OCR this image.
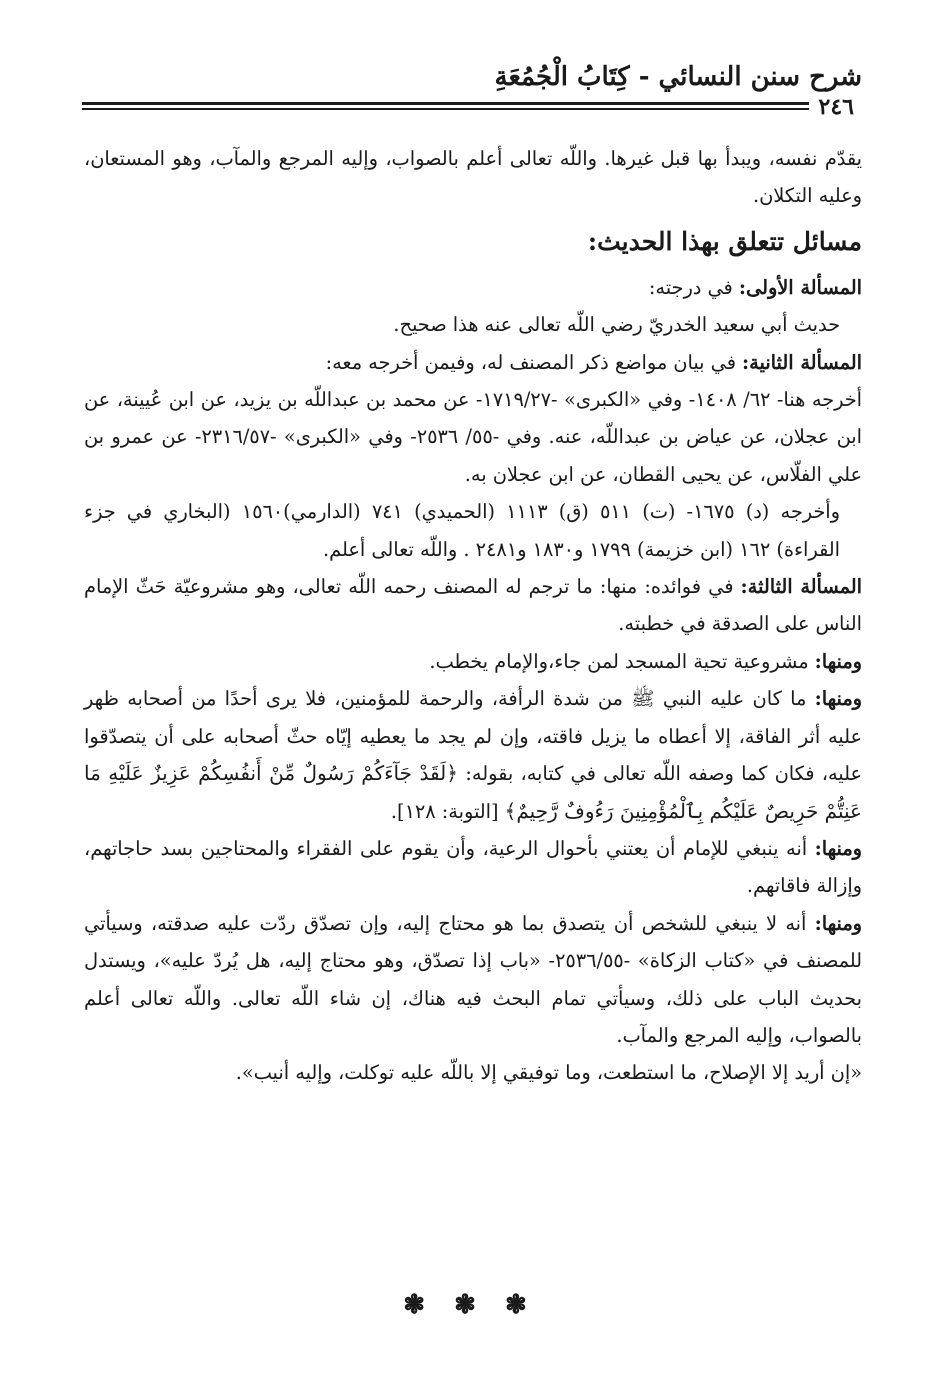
شرح سنن النسائي - كِتَابُ الْجُمُعَةِ
٢٤٦

يقدّم نفسه، ويبدأ بها قبل غيرها. واللّه تعالى أعلم بالصواب، وإليه المرجع والمآب، وهو المستعان، وعليه التكلان.

مسائل تتعلق بهذا الحديث:

المسألة الأولى: في درجته:

حديث أبي سعيد الخدريّ رضي اللّه تعالى عنه هذا صحيح.

المسألة الثانية: في بيان مواضع ذكر المصنف له، وفيمن أخرجه معه:

أخرجه هنا- ٦٢/ ١٤٠٨- وفي «الكبرى» -١٧١٩/٢٧- عن محمد بن عبداللّه بن يزيد، عن ابن عُيينة، عن ابن عجلان، عن عياض بن عبداللّه، عنه. وفي -٥٥/ ٢٥٣٦- وفي «الكبرى» -٢٣١٦/٥٧- عن عمرو بن علي الفلّاس، عن يحيى القطان، عن ابن عجلان به.

وأخرجه (د) ١٦٧٥- (ت) ٥١١ (ق) ١١١٣ (الحميدي) ٧٤١ (الدارمي)١٥٦٠ (البخاري في جزء القراءة) ١٦٢ (ابن خزيمة) ١٧٩٩ و١٨٣٠ و٢٤٨١ . واللّه تعالى أعلم.

المسألة الثالثة: في فوائده: منها: ما ترجم له المصنف رحمه اللّه تعالى، وهو مشروعيّة حَثّ الإمام الناس على الصدقة في خطبته.

ومنها: مشروعية تحية المسجد لمن جاء،والإمام يخطب.

ومنها: ما كان عليه النبي ﷺ من شدة الرأفة، والرحمة للمؤمنين، فلا يرى أحدًا من أصحابه ظهر عليه أثر الفاقة، إلا أعطاه ما يزيل فاقته، وإن لم يجد ما يعطيه إيّاه حثّ أصحابه على أن يتصدّقوا عليه، فكان كما وصفه اللّه تعالى في كتابه، بقوله: ﴿لَقَدْ جَآءَكُمْ رَسُولٌ مِّنْ أَنفُسِكُمْ عَزِيزٌ عَلَيْهِ مَا عَنِتُّمْ حَرِيصٌ عَلَيْكُم بِٱلْمُؤْمِنِينَ رَءُوفٌ رَّحِيمٌ﴾ [التوبة: ١٢٨].

ومنها: أنه ينبغي للإمام أن يعتني بأحوال الرعية، وأن يقوم على الفقراء والمحتاجين بسد حاجاتهم، وإزالة فاقاتهم.

ومنها: أنه لا ينبغي للشخص أن يتصدق بما هو محتاج إليه، وإن تصدّق ردّت عليه صدقته، وسيأتي للمصنف في «كتاب الزكاة» -٢٥٣٦/٥٥- «باب إذا تصدّق، وهو محتاج إليه، هل يُردّ عليه»، ويستدل بحديث الباب على ذلك، وسيأتي تمام البحث فيه هناك، إن شاء اللّه تعالى. واللّه تعالى أعلم بالصواب، وإليه المرجع والمآب.

«إن أريد إلا الإصلاح، ما استطعت، وما توفيقي إلا باللّه عليه توكلت، وإليه أنيب».

❃ ❃ ❃
